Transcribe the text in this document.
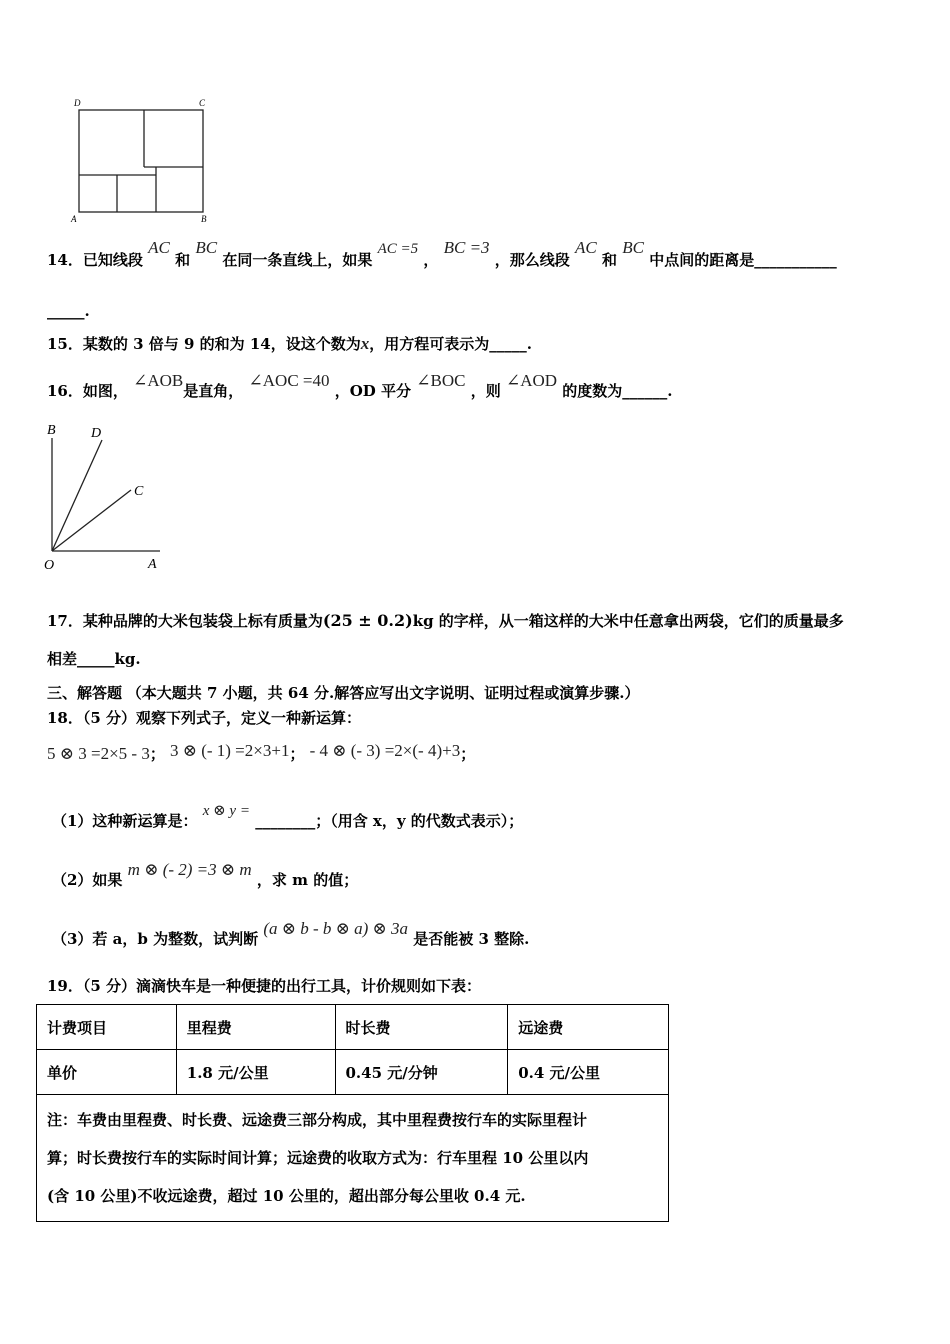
D	C
A	B
14．已知线段 AC 和 BC 在同一条直线上，如果 AC =5 ， BC =3 ，那么线段 AC 和 BC 中点间的距离是___________
_____.
15．某数的 3 倍与 9 的和为 14，设这个数为x，用方程可表示为_____.
16．如图， ∠AOB是直角， ∠AOC =40 ，OD 平分 ∠BOC ，则 ∠AOD 的度数为______.
B	D
C
O	A
17．某种品牌的大米包装袋上标有质量为(25 ± 0.2)kg 的字样，从一箱这样的大米中任意拿出两袋，它们的质量最多
相差_____kg.
三、解答题 （本大题共 7 小题，共 64 分.解答应写出文字说明、证明过程或演算步骤.）
18．（5 分）观察下列式子，定义一种新运算：
5 ⊗ 3 =2×5 - 3； 3 ⊗ (- 1) =2×3+1； - 4 ⊗ (- 3) =2×(- 4)+3；
（1）这种新运算是： x ⊗ y = ________；（用含 x，y 的代数式表示）；
（2）如果 m ⊗ (- 2) =3 ⊗ m ，求 m 的值；
（3）若 a，b 为整数，试判断 (a ⊗ b - b ⊗ a) ⊗ 3a 是否能被 3 整除.
19．（5 分）滴滴快车是一种便捷的出行工具，计价规则如下表：
计费项目	里程费	时长费	远途费
单价	1.8 元/公里	0.45 元/分钟	0.4 元/公里

注：车费由里程费、时长费、远途费三部分构成，其中里程费按行车的实际里程计
算；时长费按行车的实际时间计算；远途费的收取方式为：行车里程 10 公里以内
(含 10 公里)不收远途费，超过 10 公里的，超出部分每公里收 0.4 元.			
